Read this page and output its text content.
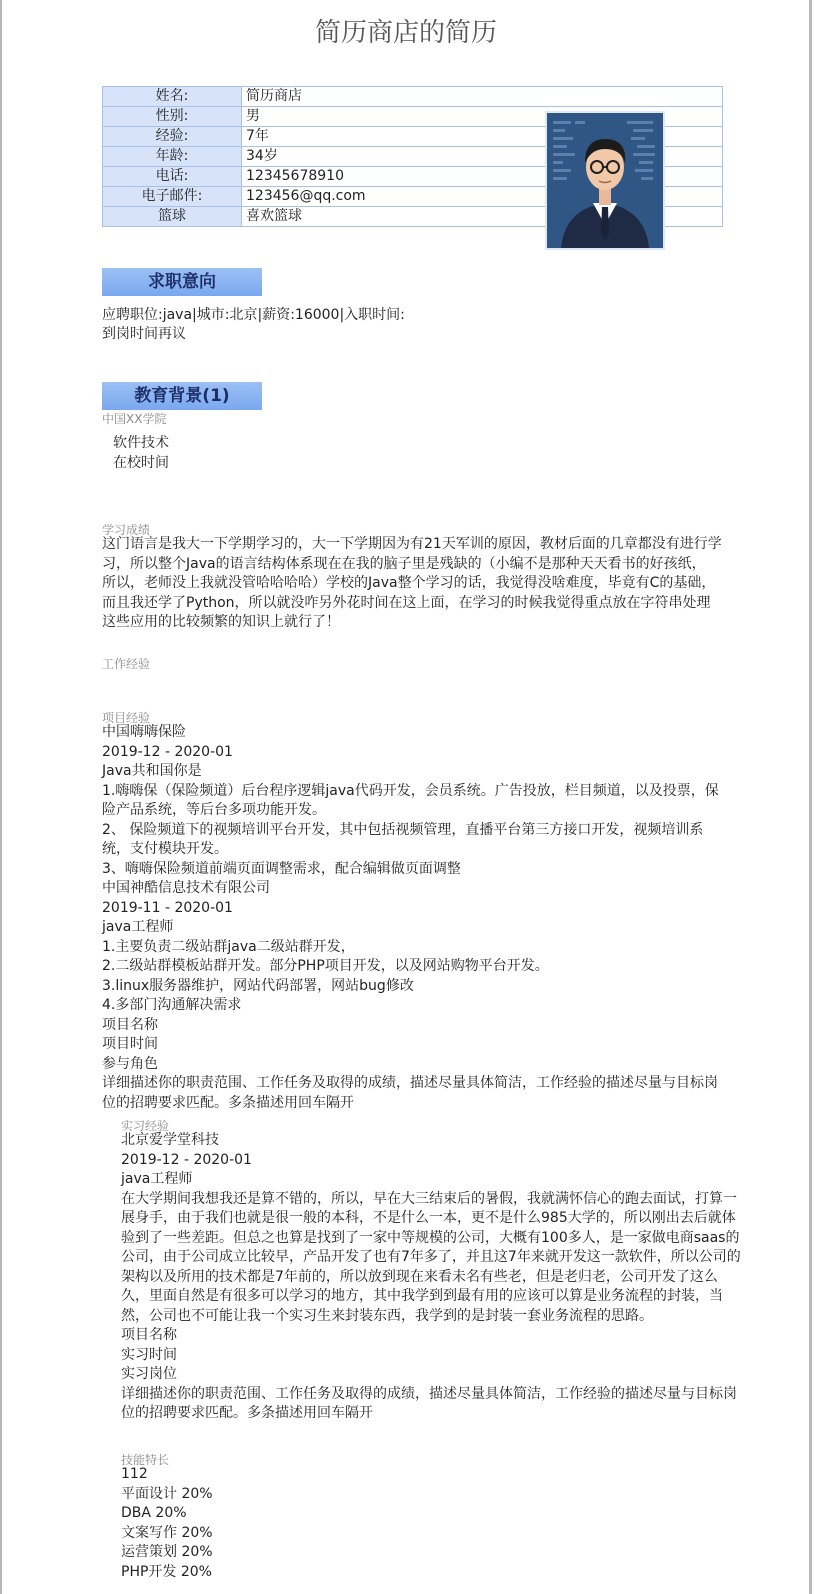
简历商店的简历
姓名:	简历商店
性别:	男
经验:	7年
年龄:	34岁
电话:	12345678910
电子邮件:	123456@qq.com
篮球	喜欢篮球
求职意向
应聘职位:java|城市:北京|薪资:16000|入职时间:
到岗时间再议
教育背景(1)
中国XX学院
软件技术
在校时间
学习成绩
这门语言是我大一下学期学习的，大一下学期因为有21天军训的原因，教材后面的几章都没有进行学
习，所以整个Java的语言结构体系现在在我的脑子里是残缺的（小编不是那种天天看书的好孩纸，
所以，老师没上我就没管哈哈哈哈）学校的Java整个学习的话，我觉得没啥难度，毕竟有C的基础，
而且我还学了Python，所以就没咋另外花时间在这上面，在学习的时候我觉得重点放在字符串处理
这些应用的比较频繁的知识上就行了！
工作经验
项目经验
中国嗨嗨保险
2019-12 - 2020-01
Java共和国你是
1.嗨嗨保（保险频道）后台程序逻辑java代码开发，会员系统。广告投放，栏目频道，以及投票，保
险产品系统，等后台多项功能开发。
2、 保险频道下的视频培训平台开发，其中包括视频管理，直播平台第三方接口开发，视频培训系
统，支付模块开发。
3、嗨嗨保险频道前端页面调整需求，配合编辑做页面调整
中国神酷信息技术有限公司
2019-11 - 2020-01
java工程师
1.主要负责二级站群java二级站群开发，
2.二级站群模板站群开发。部分PHP项目开发，以及网站购物平台开发。
3.linux服务器维护，网站代码部署，网站bug修改
4.多部门沟通解决需求
项目名称
项目时间
参与角色
详细描述你的职责范围、工作任务及取得的成绩，描述尽量具体简洁，工作经验的描述尽量与目标岗
位的招聘要求匹配。多条描述用回车隔开
实习经验
北京爱学堂科技
2019-12 - 2020-01
java工程师
在大学期间我想我还是算不错的，所以，早在大三结束后的暑假，我就满怀信心的跑去面试，打算一
展身手，由于我们也就是很一般的本科，不是什么一本，更不是什么985大学的，所以刚出去后就体
验到了一些差距。但总之也算是找到了一家中等规模的公司，大概有100多人，是一家做电商saas的
公司，由于公司成立比较早，产品开发了也有7年多了，并且这7年来就开发这一款软件，所以公司的
架构以及所用的技术都是7年前的，所以放到现在来看未名有些老，但是老归老，公司开发了这么
久，里面自然是有很多可以学习的地方，其中我学到到最有用的应该可以算是业务流程的封装，当
然，公司也不可能让我一个实习生来封装东西，我学到的是封装一套业务流程的思路。
项目名称
实习时间
实习岗位
详细描述你的职责范围、工作任务及取得的成绩，描述尽量具体简洁，工作经验的描述尽量与目标岗
位的招聘要求匹配。多条描述用回车隔开
技能特长
112
平面设计 20%
DBA 20%
文案写作 20%
运营策划 20%
PHP开发 20%
